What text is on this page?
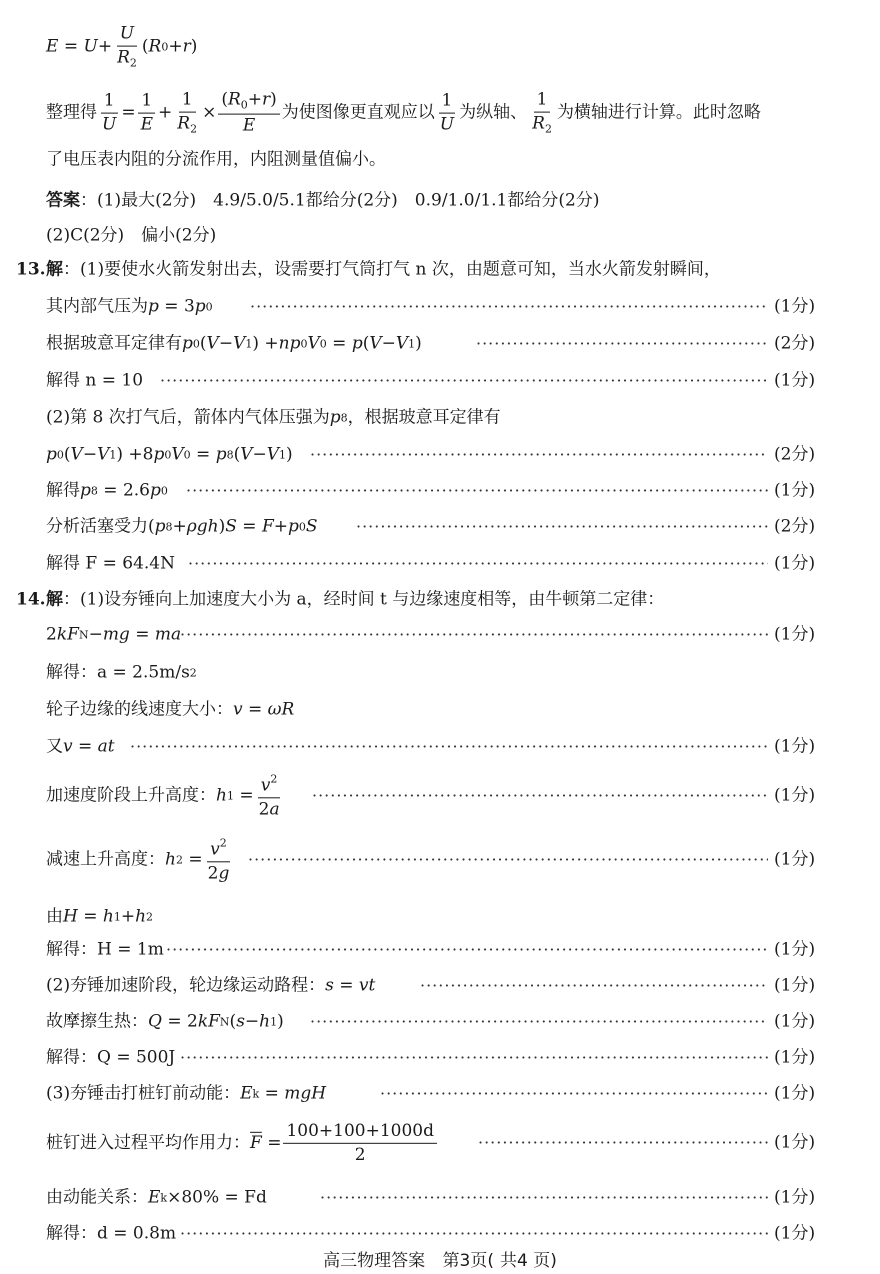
$E = U + \frac{U}{R_2}$ ( R 0 + r )
整理得 $\frac{1}{U} = \frac{1}{E} + \frac{1}{R_2} \times \frac{(R_0+r)}{E}$ 为使图像更直观应以 $\frac{1}{U}$ 为纵轴、 $\frac{1}{R_2}$ 为横轴进行计算。此时忽略
了电压表内阻的分流作用，内阻测量值偏小。
答案 ：(1)最大(2分)　4.9/5.0/5.1都给分(2分)　0.9/1.0/1.1都给分(2分)
(2)C(2分)　偏小(2分)
13. 解 ：(1)要使水火箭发射出去，设需要打气筒打气 n 次，由题意可知，当水火箭发射瞬间，
其内部气压为 p = 3 p 0 ·····	(1分)
根据玻意耳定律有 p 0 ( V − V 1 ) + np 0 V 0 = p ( V − V 1 ) ·····	(2分)
解得 n = 10 ·····	(1分)
(2)第 8 次打气后，箭体内气体压强为 p 8 ，根据玻意耳定律有
p 0 ( V − V 1 ) +8 p 0 V 0 = p 8 ( V − V 1 ) ·····	(2分)
解得 p 8 = 2.6 p 0 ·····	(1分)
分析活塞受力 ( p 8 + ρgh ) S = F + p 0 S ·····	(2分)
解得 F = 64.4N ·····	(1分)
14. 解 ：(1)设夯锤向上加速度大小为 a，经时间 t 与边缘速度相等，由牛顿第二定律：
2 kF N − mg = ma ·····	(1分)
解得：a = 2.5m/s 2
轮子边缘的线速度大小： v = ωR
又 v = at ·····	(1分)
加速度阶段上升高度： h $1 = \frac{v^2}{2a}$ ·····	(1分)
减速上升高度： h $2 = \frac{v^2}{2g}$ ·····	(1分)
由 H = h 1 + h 2
解得：H = 1m ·····	(1分)
(2)夯锤加速阶段，轮边缘运动路程： s = vt ·····	(1分)
故摩擦生热： Q = 2 kF N ( s − h 1 ) ·····	(1分)
解得：Q = 500J ·····	(1分)
(3)夯锤击打桩钉前动能： E k = mgH ·····	(1分)
桩钉进入过程平均作用力： $\overline{F} = \frac{100+100+1000d}{2}$ ·····	(1分)
由动能关系： E k ×80% = Fd ·····	(1分)
解得：d = 0.8m ·····	(1分)
高三物理答案 第3页( 共4 页)
